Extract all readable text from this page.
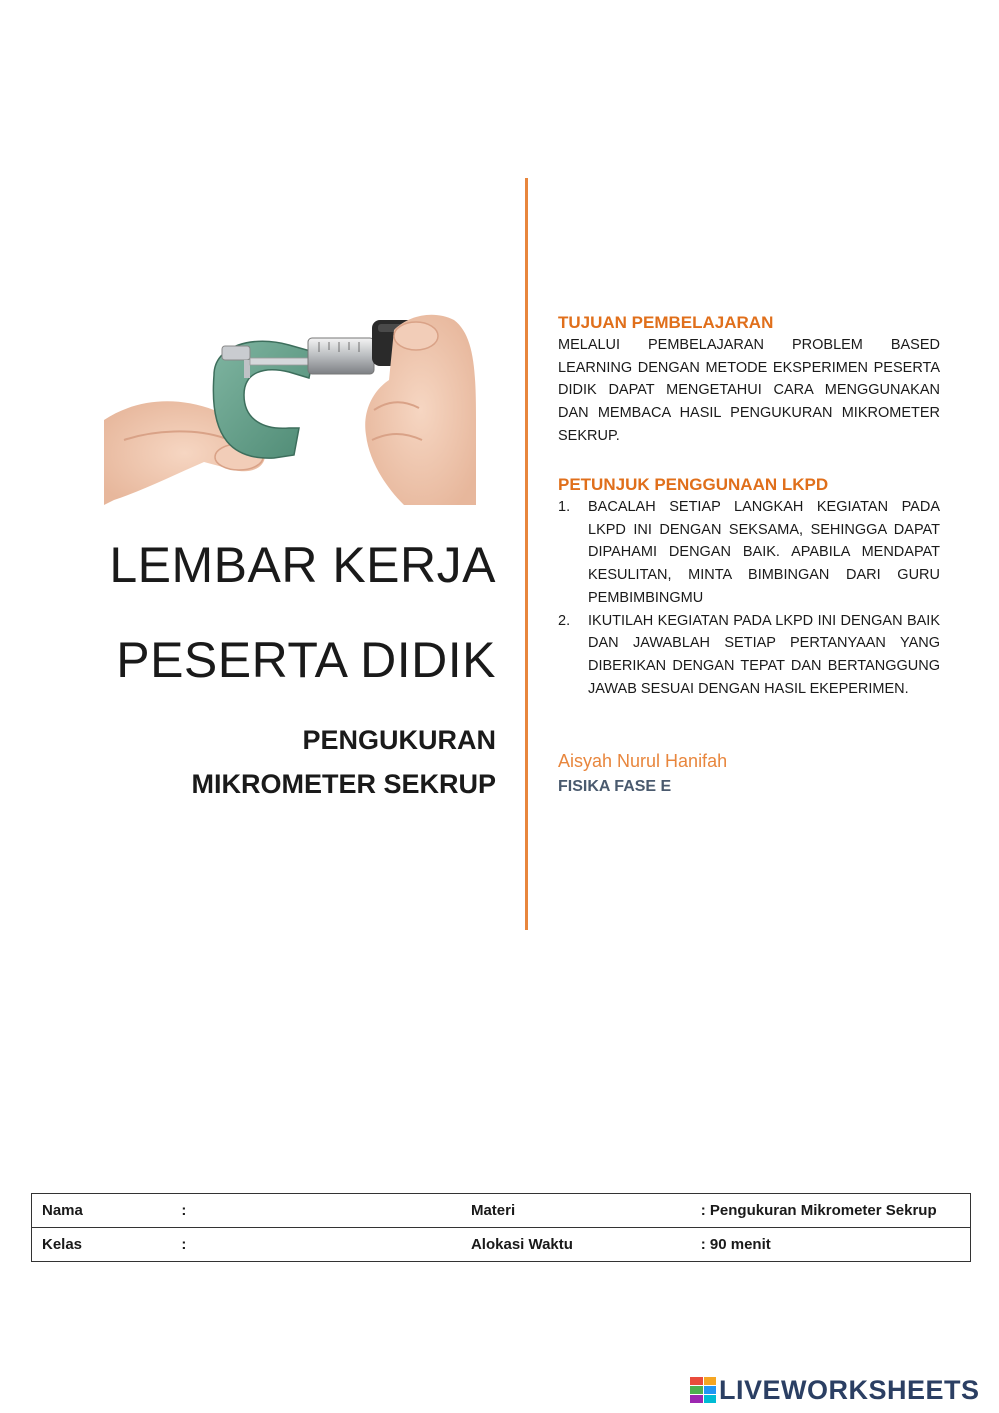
LEMBAR KERJA
PESERTA DIDIK
PENGUKURAN
MIKROMETER SEKRUP
TUJUAN PEMBELAJARAN
MELALUI PEMBELAJARAN PROBLEM BASED LEARNING DENGAN METODE EKSPERIMEN PESERTA DIDIK DAPAT MENGETAHUI CARA MENGGUNAKAN DAN MEMBACA HASIL PENGUKURAN MIKROMETER SEKRUP.
PETUNJUK PENGGUNAAN LKPD
1. BACALAH SETIAP LANGKAH KEGIATAN PADA LKPD INI DENGAN SEKSAMA, SEHINGGA DAPAT DIPAHAMI DENGAN BAIK. APABILA MENDAPAT KESULITAN, MINTA BIMBINGAN DARI GURU PEMBIMBINGMU
2. IKUTILAH KEGIATAN PADA LKPD INI DENGAN BAIK DAN JAWABLAH SETIAP PERTANYAAN YANG DIBERIKAN DENGAN TEPAT DAN BERTANGGUNG JAWAB SESUAI DENGAN HASIL EKEPERIMEN.
Aisyah Nurul Hanifah
FISIKA FASE E
Nama	:	Materi	: Pengukuran Mikrometer Sekrup
Kelas	:	Alokasi Waktu	: 90 menit
LIVEWORKSHEETS
